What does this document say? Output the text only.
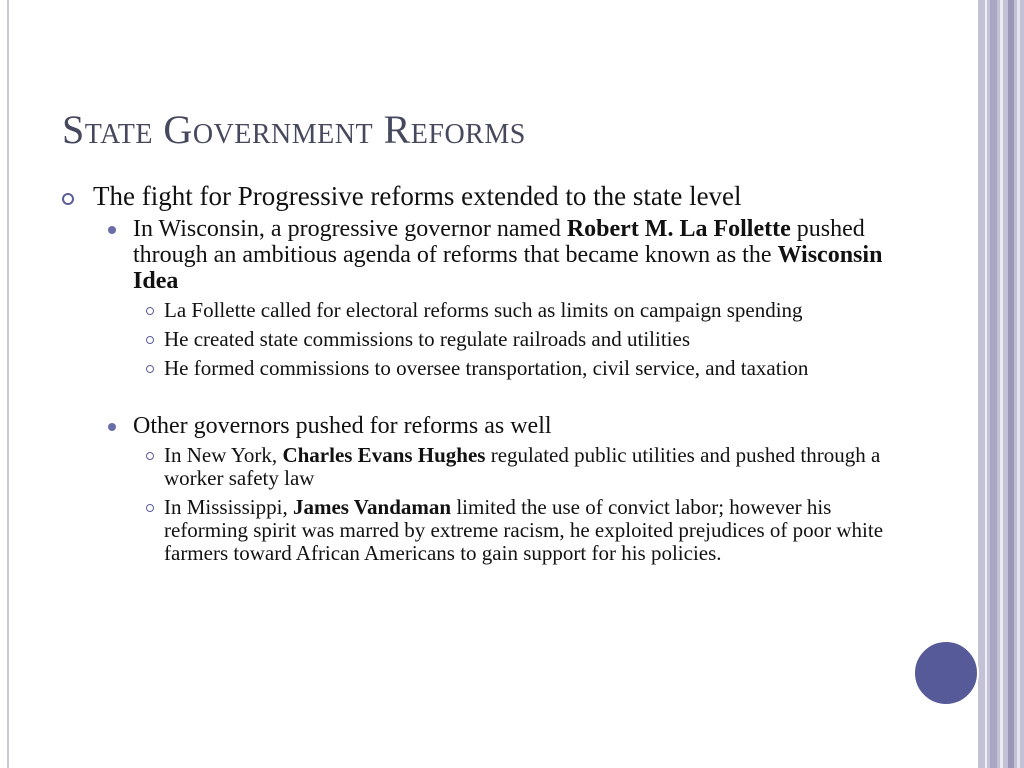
State Government Reforms
The fight for Progressive reforms extended to the state level
In Wisconsin, a progressive governor named Robert M. La Follette pushed through an ambitious agenda of reforms that became known as the Wisconsin Idea
La Follette called for electoral reforms such as limits on campaign spending
He created state commissions to regulate railroads and utilities
He formed commissions to oversee transportation, civil service, and taxation
Other governors pushed for reforms as well
In New York, Charles Evans Hughes regulated public utilities and pushed through a worker safety law
In Mississippi, James Vandaman limited the use of convict labor; however his reforming spirit was marred by extreme racism, he exploited prejudices of poor white farmers toward African Americans to gain support for his policies.
